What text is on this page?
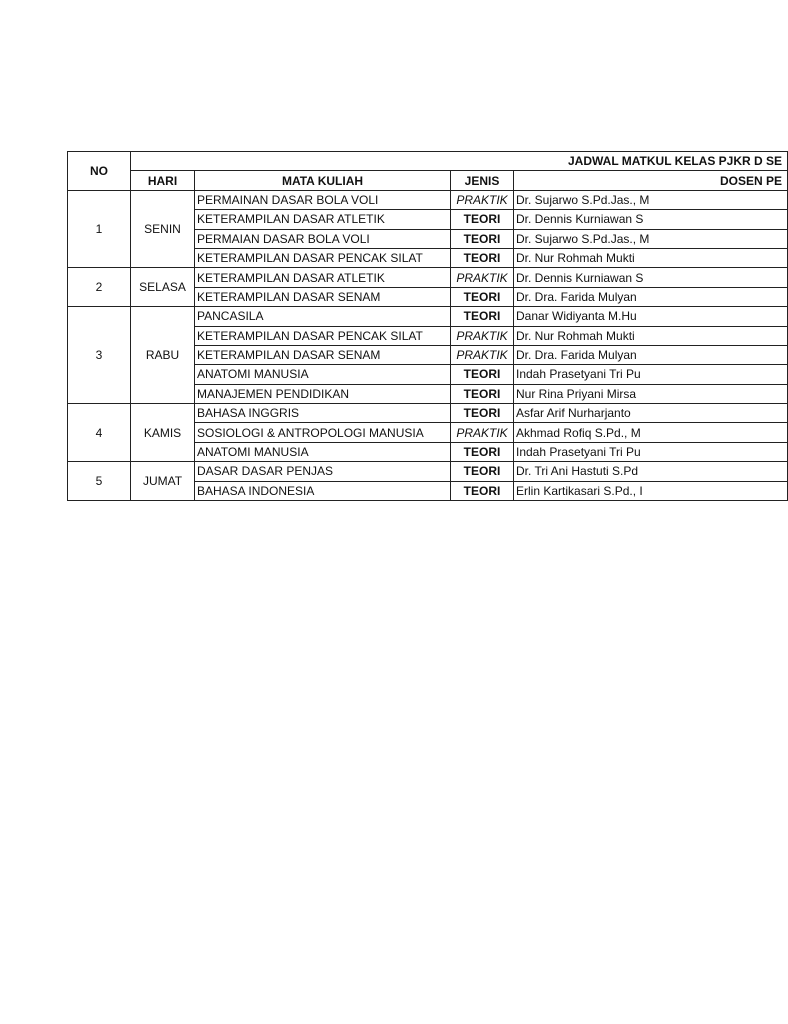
NO	JADWAL MATKUL KELAS PJKR D SE			
	HARI	MATA KULIAH	JENIS	DOSEN PE
1	SENIN	PERMAINAN DASAR BOLA VOLI	PRAKTIK	Dr. Sujarwo S.Pd.Jas., M
		KETERAMPILAN DASAR ATLETIK	TEORI	Dr. Dennis Kurniawan S
		PERMAIAN DASAR BOLA VOLI	TEORI	Dr. Sujarwo S.Pd.Jas., M
		KETERAMPILAN DASAR PENCAK SILAT	TEORI	Dr. Nur Rohmah Mukti
2	SELASA	KETERAMPILAN DASAR ATLETIK	PRAKTIK	Dr. Dennis Kurniawan S
		KETERAMPILAN DASAR SENAM	TEORI	Dr. Dra. Farida Mulyan
3	RABU	PANCASILA	TEORI	Danar Widiyanta M.Hu
		KETERAMPILAN DASAR PENCAK SILAT	PRAKTIK	Dr. Nur Rohmah Mukti
		KETERAMPILAN DASAR SENAM	PRAKTIK	Dr. Dra. Farida Mulyan
		ANATOMI MANUSIA	TEORI	Indah Prasetyani Tri Pu
		MANAJEMEN PENDIDIKAN	TEORI	Nur Rina Priyani Mirsa
4	KAMIS	BAHASA INGGRIS	TEORI	Asfar Arif Nurharjanto
		SOSIOLOGI & ANTROPOLOGI MANUSIA	PRAKTIK	Akhmad Rofiq S.Pd., M
		ANATOMI MANUSIA	TEORI	Indah Prasetyani Tri Pu
5	JUMAT	DASAR DASAR PENJAS	TEORI	Dr. Tri Ani Hastuti S.Pd
		BAHASA INDONESIA	TEORI	Erlin Kartikasari S.Pd., I
